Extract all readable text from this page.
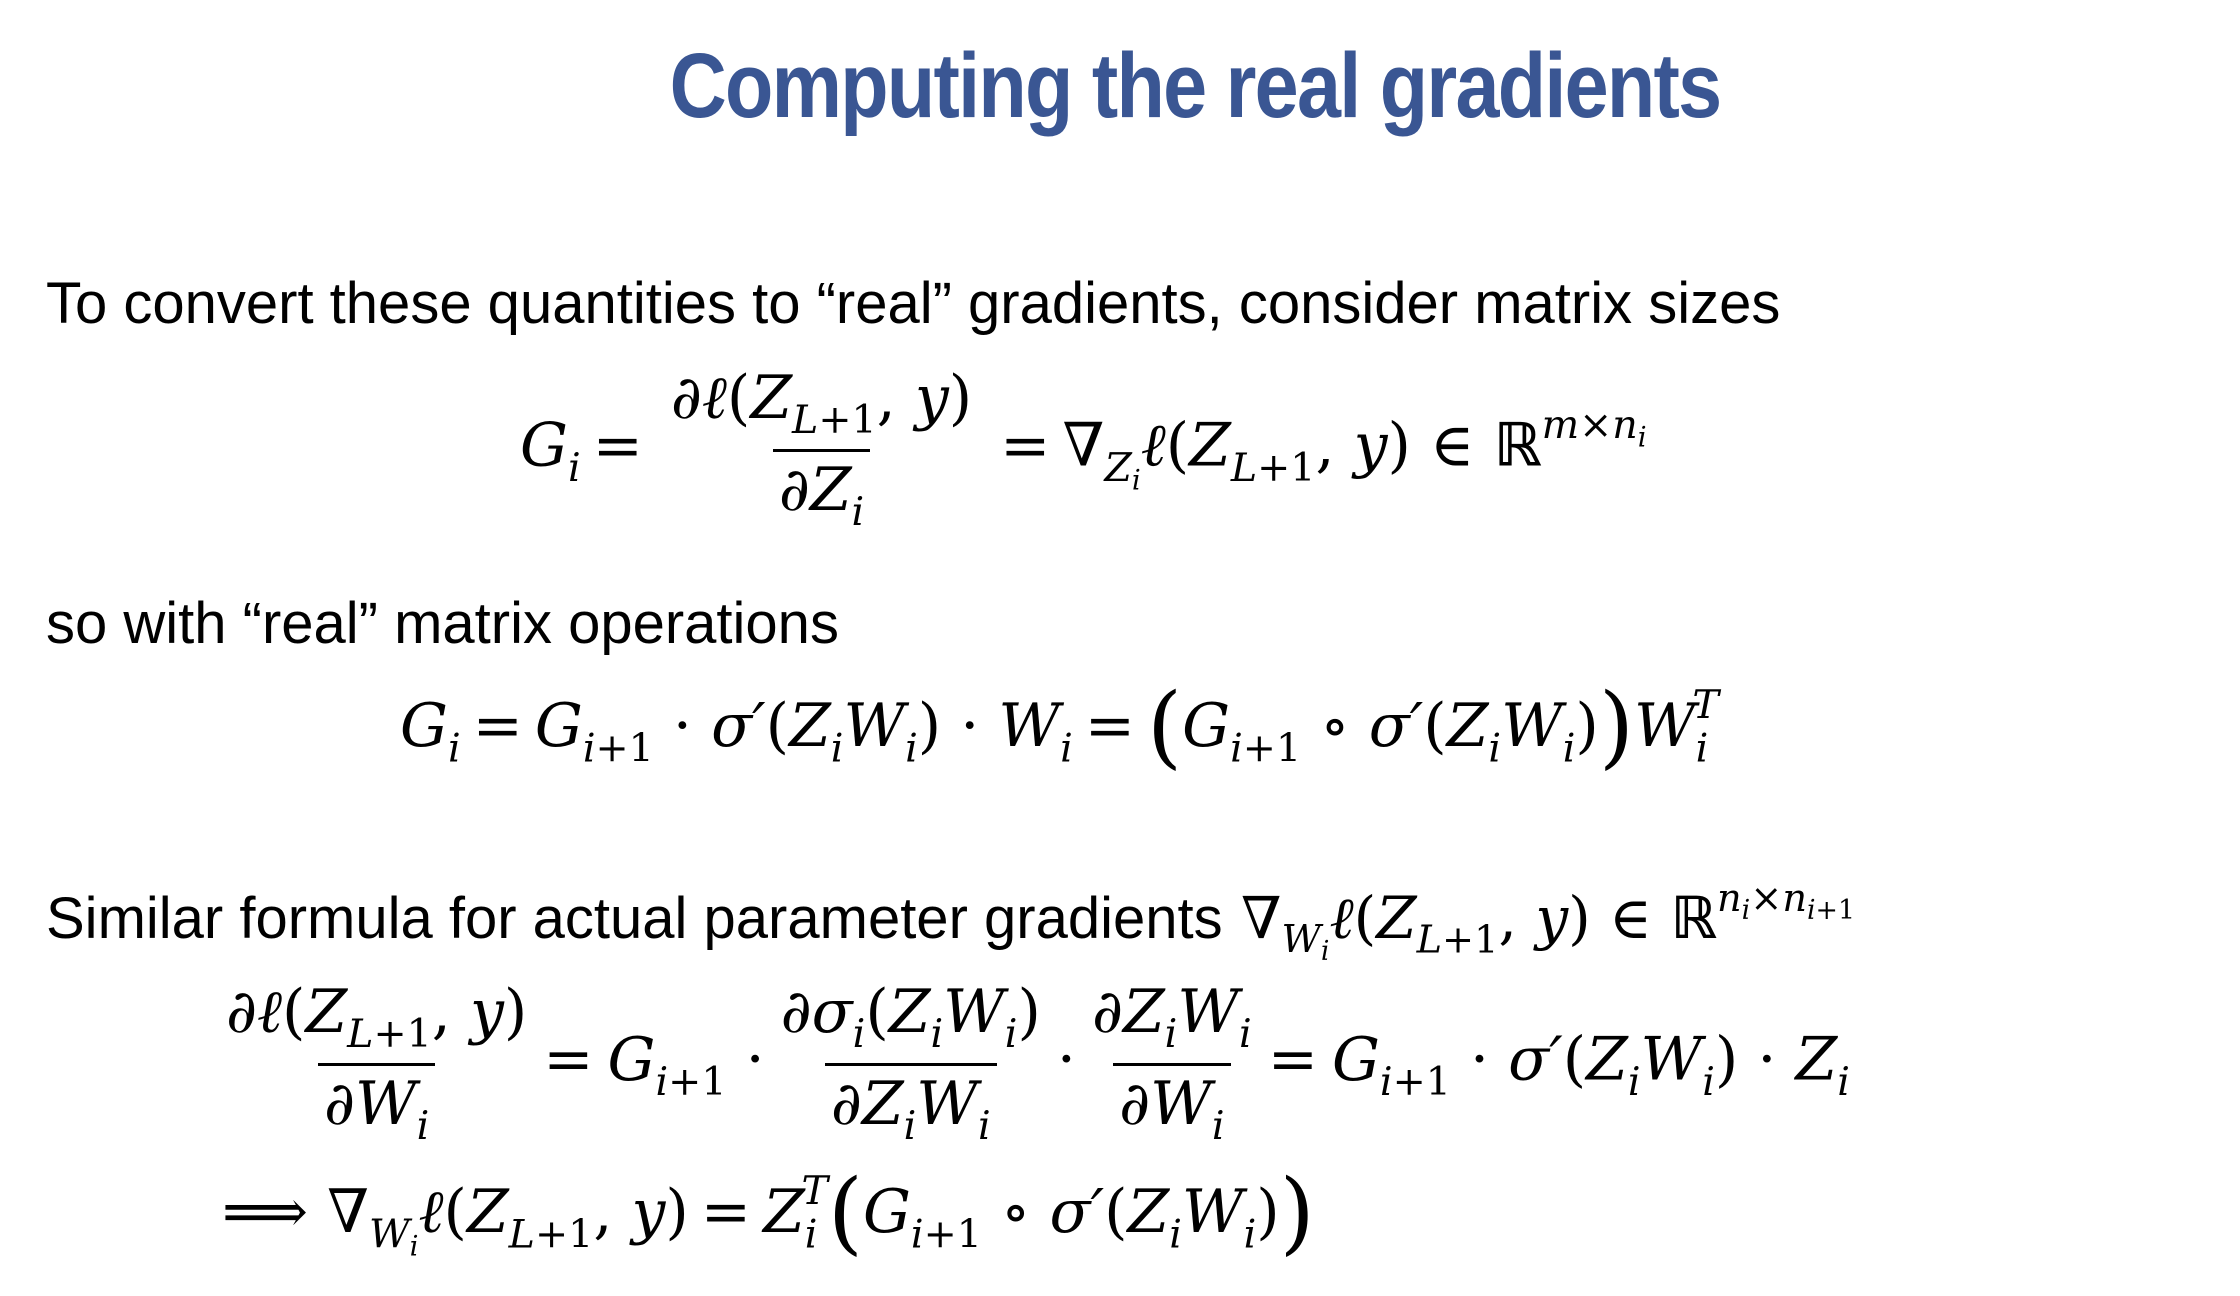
Computing the real gradients
To convert these quantities to “real” gradients, consider matrix sizes
$G_i = \frac{\partial\ell(Z_{L+1}, y)}{\partial Z_i}$ = $\nabla_{Z_i}\ell(Z_{L+1}$, y) ∈ ℝ$^{m\times n_i}$
so with “real” matrix operations
$G_i = G_{i+1} \cdot \sigma'(Z_iW_i) \cdot W_i = (G_{i+1}$ ∘ $\sigma'(Z_iW_i))W_i^T$
Similar formula for actual parameter gradients $\nabla_{W_i}\ell(Z_{L+1}$, y) ∈ ℝ$^{n_i\times n_{i+1}}$
$\frac{\partial\ell(Z_{L+1}, y)}{\partial W_i} = G_{i+1} \cdot \frac{\partial\sigma_i(Z_iW_i)}{\partial Z_iW_i} \cdot \frac{\partial Z_iW_i}{\partial W_i} = G_{i+1} \cdot \sigma'(Z_iW_i) \cdot Z_i$
⟹ $\nabla_{W_i}\ell(Z_{L+1}$, $y) = Z_i^T(G_{i+1}$ ∘ $\sigma'(Z_iW_i)$)
